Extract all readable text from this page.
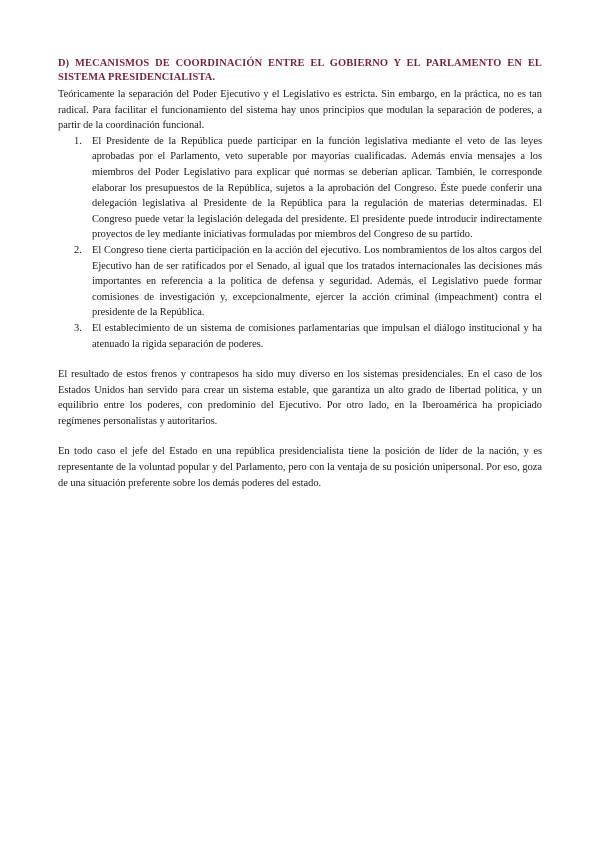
D) MECANISMOS DE COORDINACIÓN ENTRE EL GOBIERNO Y EL PARLAMENTO EN EL SISTEMA PRESIDENCIALISTA.

Teóricamente la separación del Poder Ejecutivo y el Legislativo es estricta. Sin embargo, en la práctica, no es tan radical. Para facilitar el funcionamiento del sistema hay unos principios que modulan la separación de poderes, a partir de la coordinación funcional.

1. El Presidente de la República puede participar en la función legislativa mediante el veto de las leyes aprobadas por el Parlamento, veto superable por mayorías cualificadas. Además envía mensajes a los miembros del Poder Legislativo para explicar qué normas se deberían aplicar. También, le corresponde elaborar los presupuestos de la República, sujetos a la aprobación del Congreso. Éste puede conferir una delegación legislativa al Presidente de la República para la regulación de materias determinadas. El Congreso puede vetar la legislación delegada del presidente. El presidente puede introducir indirectamente proyectos de ley mediante iniciativas formuladas por miembros del Congreso de su partido.
2. El Congreso tiene cierta participación en la acción del ejecutivo. Los nombramientos de los altos cargos del Ejecutivo han de ser ratificados por el Senado, al igual que los tratados internacionales las decisiones más importantes en referencia a la política de defensa y seguridad. Además, el Legislativo puede formar comisiones de investigación y, excepcionalmente, ejercer la acción criminal (impeachment) contra el presidente de la República.
3. El establecimiento de un sistema de comisiones parlamentarias que impulsan el diálogo institucional y ha atenuado la rígida separación de poderes.

El resultado de estos frenos y contrapesos ha sido muy diverso en los sistemas presidenciales. En el caso de los Estados Unidos han servido para crear un sistema estable, que garantiza un alto grado de libertad política, y un equilibrio entre los poderes, con predominio del Ejecutivo. Por otro lado, en la Iberoamérica ha propiciado regímenes personalistas y autoritarios.

En todo caso el jefe del Estado en una república presidencialista tiene la posición de líder de la nación, y es representante de la voluntad popular y del Parlamento, pero con la ventaja de su posición unipersonal. Por eso, goza de una situación preferente sobre los demás poderes del estado.
